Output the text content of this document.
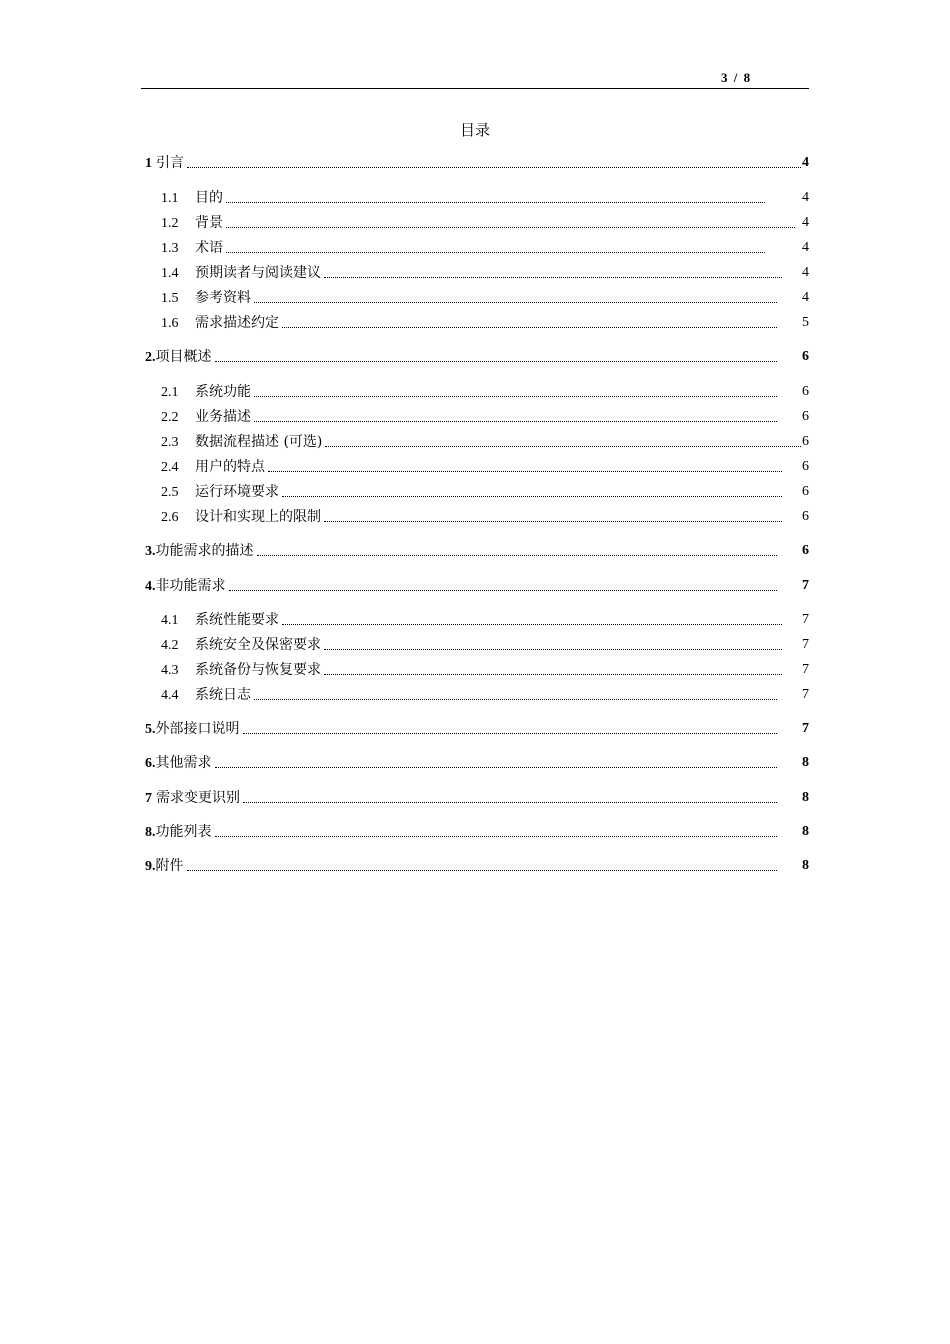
3 / 8
目录
1 引言	4
1.1	目的	4
1.2	背景	4
1.3	术语	4
1.4	预期读者与阅读建议	4
1.5	参考资料	4
1.6	需求描述约定	5
2. 项目概述	6
2.1	系统功能	6
2.2	业务描述	6
2.3	数据流程描述 (可选)	6
2.4	用户的特点	6
2.5	运行环境要求	6
2.6	设计和实现上的限制	6
3. 功能需求的描述	6
4. 非功能需求	7
4.1	系统性能要求	7
4.2	系统安全及保密要求	7
4.3	系统备份与恢复要求	7
4.4	系统日志	7
5. 外部接口说明	7
6. 其他需求	8
7 需求变更识别	8
8. 功能列表	8
9. 附件	8
